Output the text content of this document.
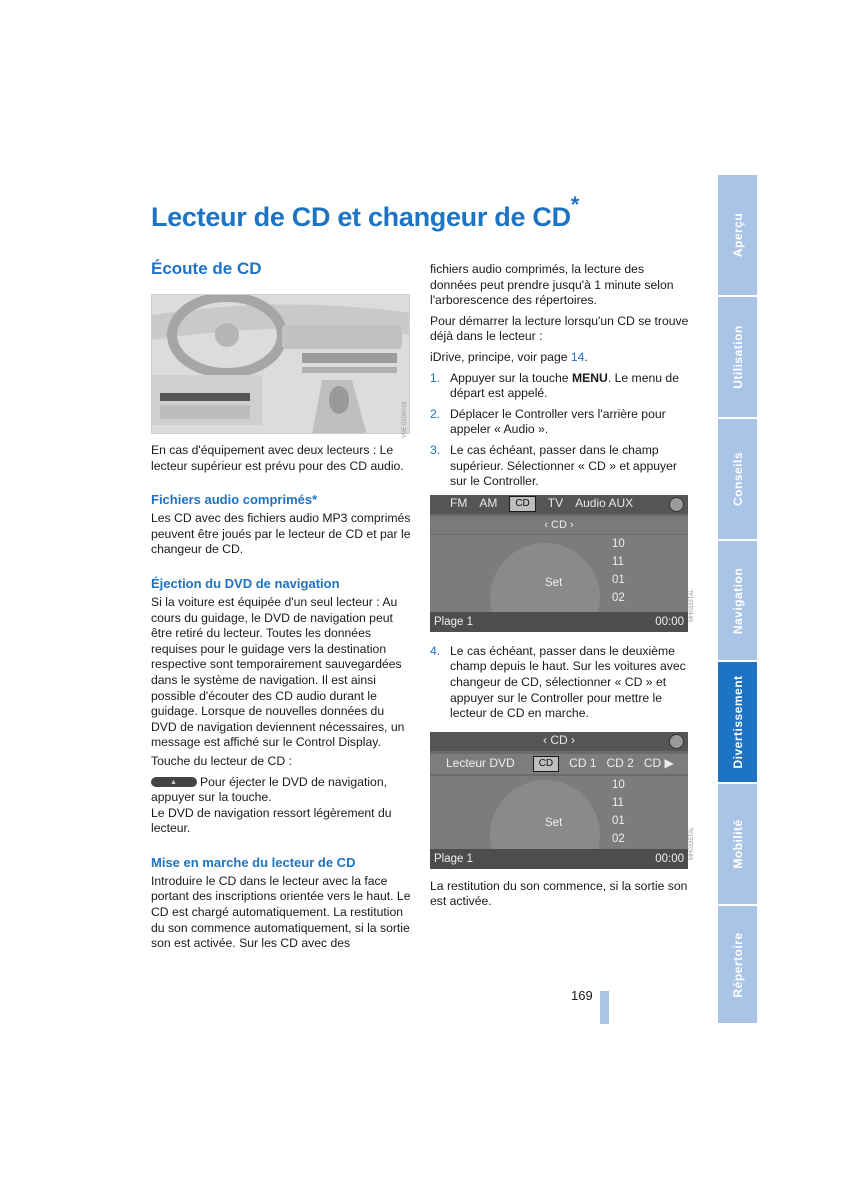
Lecteur de CD et changeur de CD*
Écoute de CD

En cas d'équipement avec deux lecteurs : Le lecteur supérieur est prévu pour des CD audio.

Fichiers audio comprimés*

Les CD avec des fichiers audio MP3 comprimés peuvent être joués par le lecteur de CD et par le changeur de CD.

Éjection du DVD de navigation

Si la voiture est équipée d'un seul lecteur : Au cours du guidage, le DVD de navigation peut être retiré du lecteur. Toutes les données requises pour le guidage vers la destination respective sont temporairement sauvegardées dans le système de navigation. Il est ainsi possible d'écouter des CD audio durant le guidage. Lorsque de nouvelles données du DVD de navigation deviennent nécessaires, un message est affiché sur le Control Display.

Touche du lecteur de CD :

▲Pour éjecter le DVD de navigation, appuyer sur la touche.

Le DVD de navigation ressort légèrement du lecteur.

Mise en marche du lecteur de CD

Introduire le CD dans le lecteur avec la face portant des inscriptions orientée vers le haut. Le CD est chargé automatiquement. La restitution du son commence automatiquement, si la sortie son est activée. Sur les CD avec des

fichiers audio comprimés, la lecture des données peut prendre jusqu'à 1 minute selon l'arborescence des répertoires.

Pour démarrer la lecture lorsqu'un CD se trouve déjà dans le lecteur :

iDrive, principe, voir page 14.

1. Appuyer sur la touche MENU. Le menu de départ est appelé.
2. Déplacer le Controller vers l'arrière pour appeler « Audio ».
3. Le cas échéant, passer dans le champ supérieur. Sélectionner « CD » et appuyer sur le Controller.
FM AM	CD	TV Audio AUX
‹ CD ›
10
11
01
02
Set
Plage 1	00:00
4. Le cas échéant, passer dans le deuxième champ depuis le haut. Sur les voitures avec changeur de CD, sélectionner « CD » et appuyer sur le Controller pour mettre le lecteur de CD en marche.
‹ CD ›
Lecteur DVD	CD	CD 1 CD 2 CD ▶
10
11
01
02
Set
Plage 1	00:00

La restitution du son commence, si la sortie son est activée.

V6E 0100018
MH0335TAL
MH0335TAL
Aperçu
Utilisation
Conseils
Navigation
Divertissement
Mobilité
Répertoire
169
